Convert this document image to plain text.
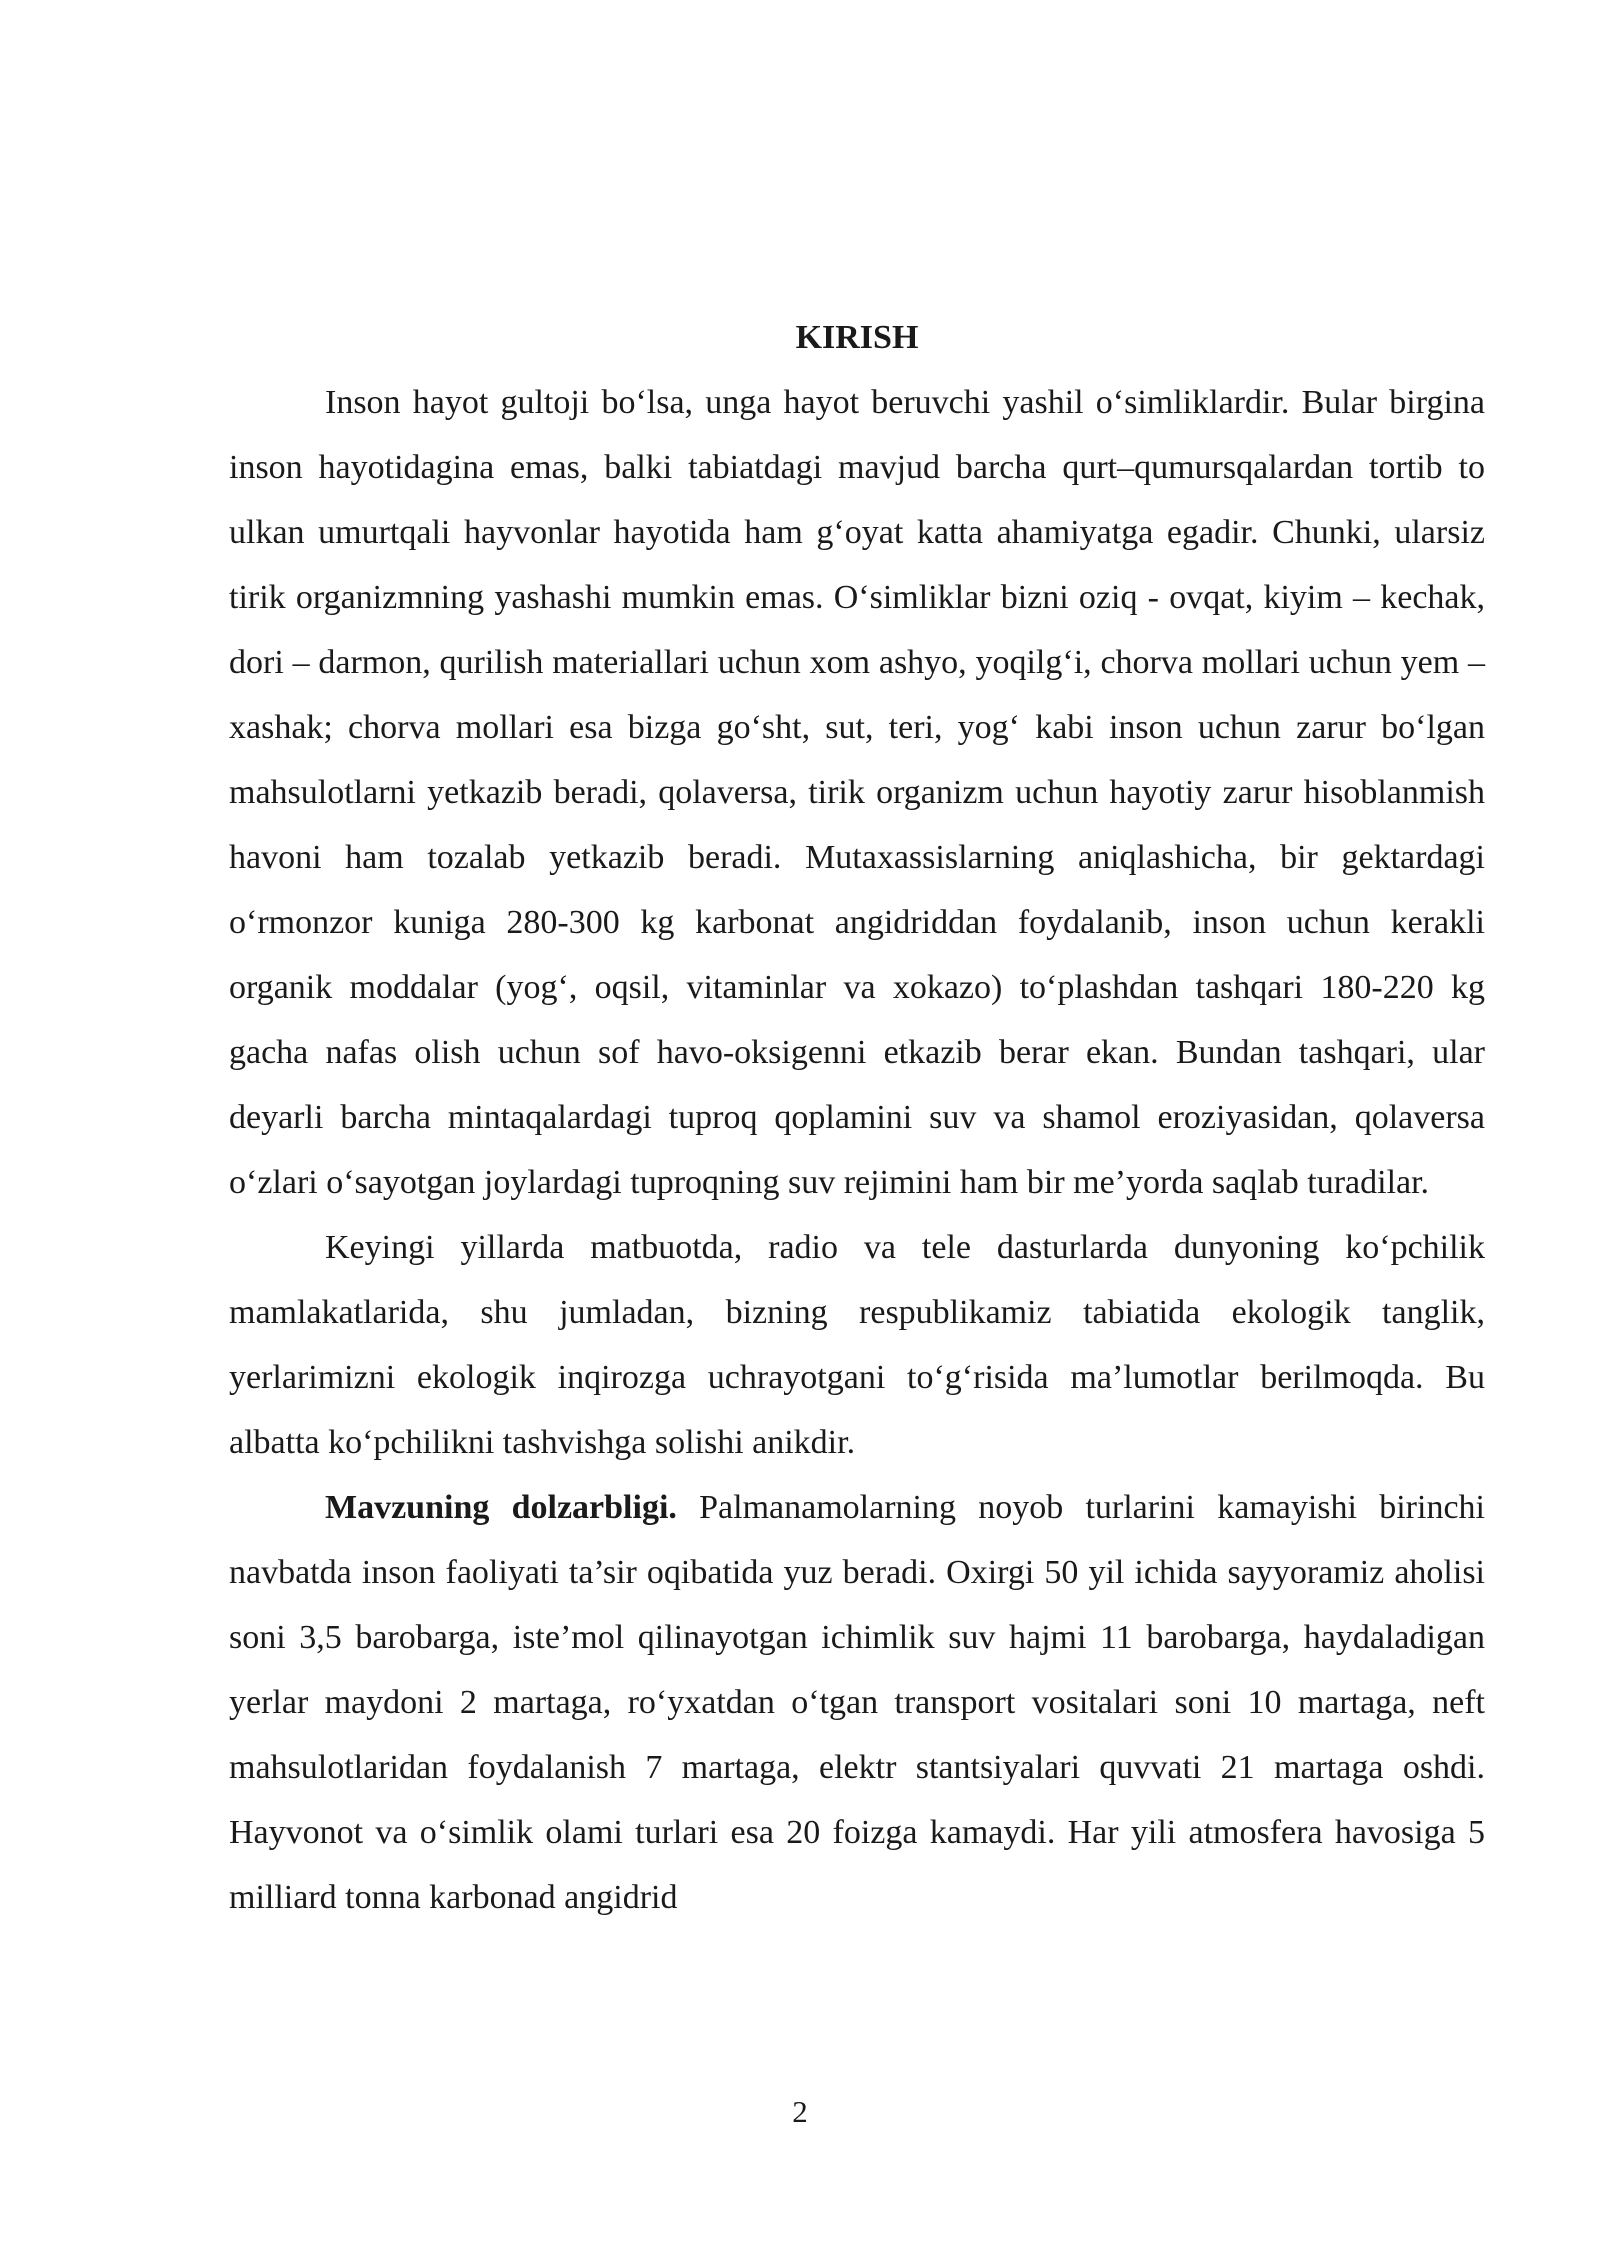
KIRISH

Inson hayot gultoji boʻlsa, unga hayot beruvchi yashil oʻsimliklardir. Bular birgina inson hayotidagina emas, balki tabiatdagi mavjud barcha qurt–qumursqalardan tortib to ulkan umurtqali hayvonlar hayotida ham gʻoyat katta ahamiyatga egadir. Chunki, ularsiz tirik organizmning yashashi mumkin emas. Oʻsimliklar bizni oziq - ovqat, kiyim – kechak, dori – darmon, qurilish materiallari uchun xom ashyo, yoqilgʻi, chorva mollari uchun yem – xashak; chorva mollari esa bizga goʻsht, sut, teri, yogʻ kabi inson uchun zarur boʻlgan mahsulotlarni yetkazib beradi, qolaversa, tirik organizm uchun hayotiy zarur hisoblanmish havoni ham tozalab yetkazib beradi. Mutaxassislarning aniqlashicha, bir gektardagi oʻrmonzor kuniga 280-300 kg karbonat angidriddan foydalanib, inson uchun kerakli organik moddalar (yogʻ, oqsil, vitaminlar va xokazo) toʻplashdan tashqari 180-220 kg gacha nafas olish uchun sof havo-oksigenni etkazib berar ekan. Bundan tashqari, ular deyarli barcha mintaqalardagi tuproq qoplamini suv va shamol eroziyasidan, qolaversa oʻzlari oʻsayotgan joylardagi tuproqning suv rejimini ham bir me’yorda saqlab turadilar.

Keyingi yillarda matbuotda, radio va tele dasturlarda dunyoning koʻpchilik mamlakatlarida, shu jumladan, bizning respublikamiz tabiatida ekologik tanglik, yerlarimizni ekologik inqirozga uchrayotgani toʻgʻrisida ma’lumotlar berilmoqda. Bu albatta koʻpchilikni tashvishga solishi anikdir.

Mavzuning dolzarbligi. Palmanamolarning noyob turlarini kamayishi birinchi navbatda inson faoliyati ta’sir oqibatida yuz beradi. Oxirgi 50 yil ichida sayyoramiz aholisi soni 3,5 barobarga, iste’mol qilinayotgan ichimlik suv hajmi 11 barobarga, haydaladigan yerlar maydoni 2 martaga, roʻyxatdan oʻtgan transport vositalari soni 10 martaga, neft mahsulotlaridan foydalanish 7 martaga, elektr stantsiyalari quvvati 21 martaga oshdi. Hayvonot va oʻsimlik olami turlari esa 20 foizga kamaydi. Har yili atmosfera havosiga 5 milliard tonna karbonad angidrid

2
